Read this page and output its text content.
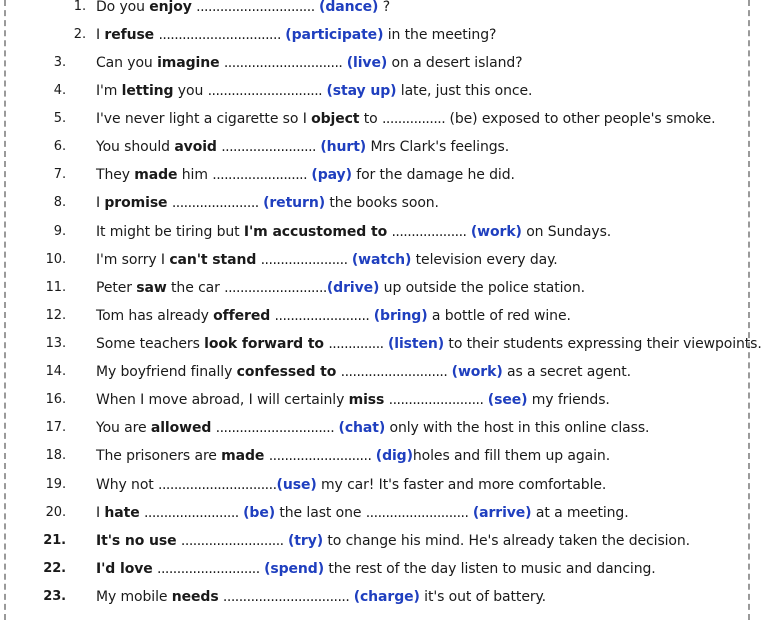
1. Do you enjoy .............................. (dance) ?
2. I refuse ............................... (participate) in the meeting?
3. Can you imagine .............................. (live) on a desert island?
4. I'm letting you ............................. (stay up) late, just this once.
5. I've never light a cigarette so I object to ................ (be) exposed to other people's smoke.
6. You should avoid ........................ (hurt) Mrs Clark's feelings.
7. They made him ........................ (pay) for the damage he did.
8. I promise ...................... (return) the books soon.
9. It might be tiring but I'm accustomed to ................... (work) on Sundays.
10. I'm sorry I can't stand ...................... (watch) television every day.
11. Peter saw the car ..........................(drive) up outside the police station.
12. Tom has already offered ........................ (bring) a bottle of red wine.
13. Some teachers look forward to .............. (listen) to their students expressing their viewpoints.
14. My boyfriend finally confessed to ........................... (work) as a secret agent.
16. When I move abroad, I will certainly miss ........................ (see) my friends.
17. You are allowed .............................. (chat) only with the host in this online class.
18. The prisoners are made .......................... (dig)holes and fill them up again.
19. Why not ..............................(use) my car! It's faster and more comfortable.
20. I hate ........................ (be) the last one .......................... (arrive) at a meeting.
21. It's no use .......................... (try) to change his mind. He's already taken the decision.
22. I'd love .......................... (spend) the rest of the day listen to music and dancing.
23. My mobile needs ................................ (charge) it's out of battery.
